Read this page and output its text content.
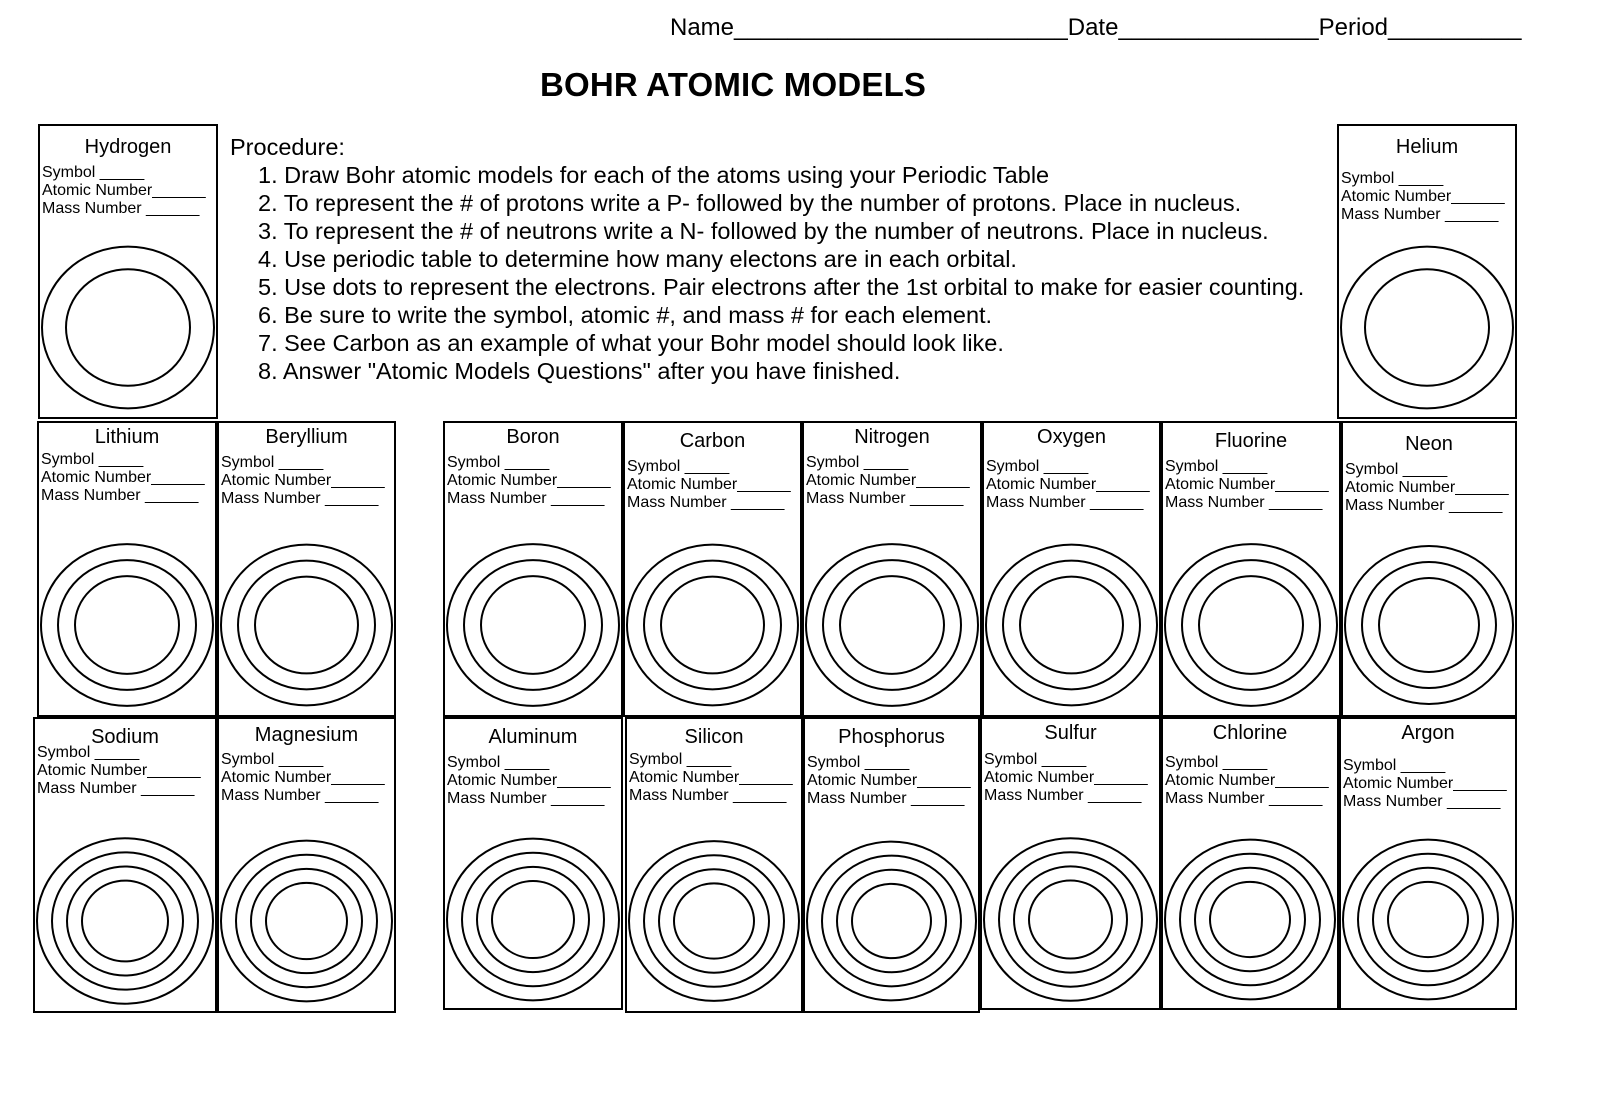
Name_________________________Date_______________Period__________
BOHR ATOMIC MODELS
Procedure:
1. Draw Bohr atomic models for each of the atoms using your Periodic Table
2. To represent the # of protons write a P- followed by the number of protons. Place in nucleus.
3. To represent the # of neutrons write a N- followed by the number of neutrons. Place in nucleus.
4. Use periodic table to determine how many electons are in each orbital.
5. Use dots to represent the electrons. Pair electrons after the 1st orbital to make for easier counting.
6. Be sure to write the symbol, atomic #, and mass # for each element.
7. See Carbon as an example of what your Bohr model should look like.
8. Answer "Atomic Models Questions" after you have finished.
Hydrogen
Symbol _____
Atomic Number______
Mass Number ______
Helium
Symbol _____
Atomic Number______
Mass Number ______
Lithium
Symbol _____
Atomic Number______
Mass Number ______
Beryllium
Symbol _____
Atomic Number______
Mass Number ______
Boron
Symbol _____
Atomic Number______
Mass Number ______
Carbon
Symbol _____
Atomic Number______
Mass Number ______
Nitrogen
Symbol _____
Atomic Number______
Mass Number ______
Oxygen
Symbol _____
Atomic Number______
Mass Number ______
Fluorine
Symbol _____
Atomic Number______
Mass Number ______
Neon
Symbol _____
Atomic Number______
Mass Number ______
Sodium
Symbol _____
Atomic Number______
Mass Number ______
Magnesium
Symbol _____
Atomic Number______
Mass Number ______
Aluminum
Symbol _____
Atomic Number______
Mass Number ______
Silicon
Symbol _____
Atomic Number______
Mass Number ______
Phosphorus
Symbol _____
Atomic Number______
Mass Number ______
Sulfur
Symbol _____
Atomic Number______
Mass Number ______
Chlorine
Symbol _____
Atomic Number______
Mass Number ______
Argon
Symbol _____
Atomic Number______
Mass Number ______
